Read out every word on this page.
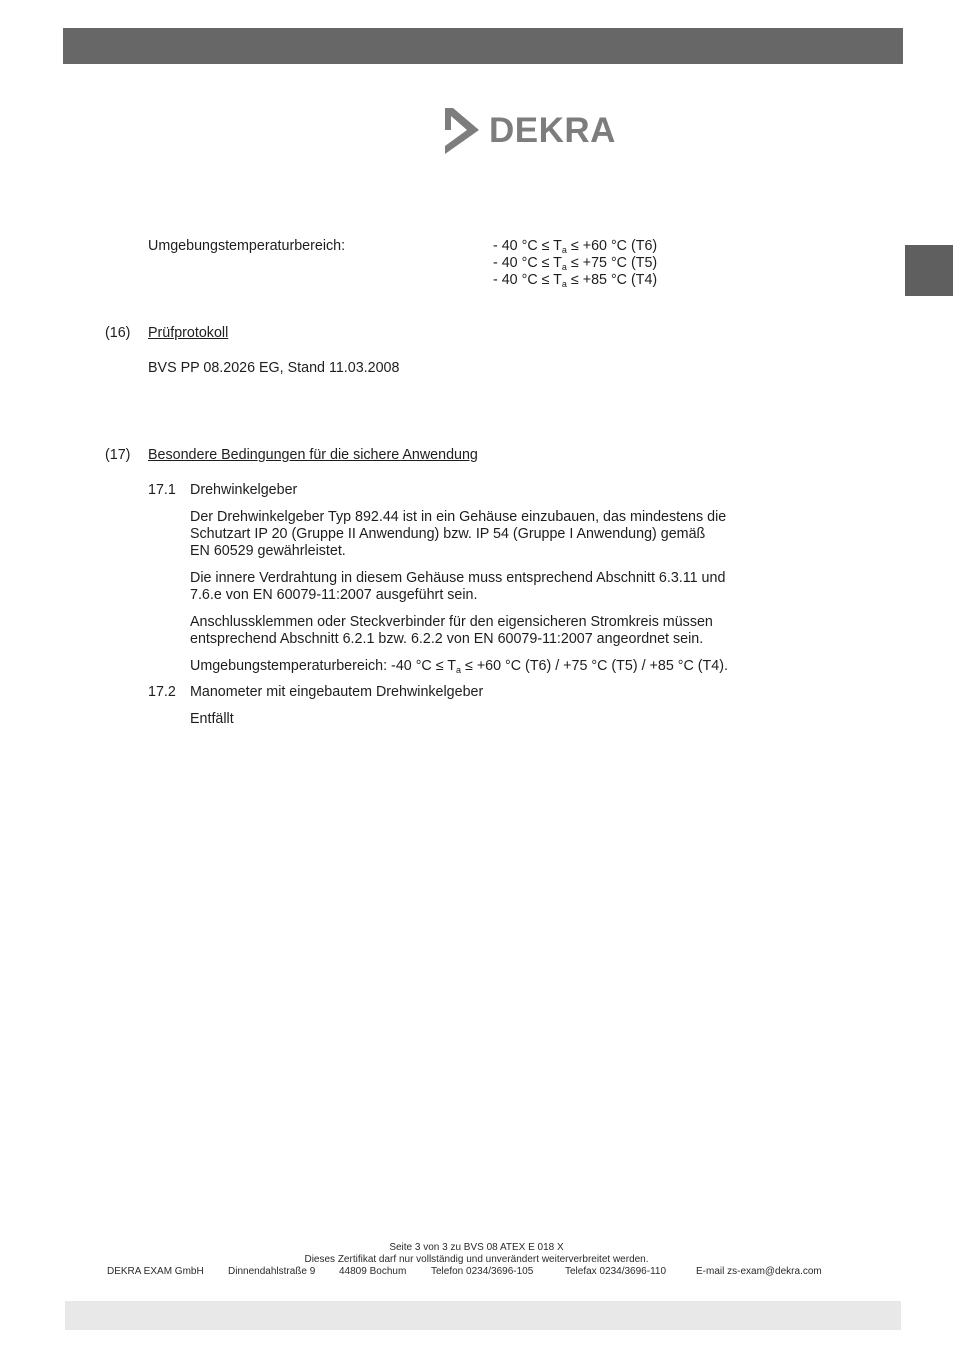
DEKRA
Umgebungstemperaturbereich:	- 40 $^\circ C \le T_a \le +60$ °C (T6)
- 40 $^\circ C \le T_a \le +75$ °C (T5)
- 40 $^\circ C \le T_a \le +85$ °C (T4)
(16) Prüfprotokoll
BVS PP 08.2026 EG, Stand 11.03.2008
(17) Besondere Bedingungen für die sichere Anwendung
17.1 Drehwinkelgeber
Der Drehwinkelgeber Typ 892.44 ist in ein Gehäuse einzubauen, das mindestens die
Schutzart IP 20 (Gruppe II Anwendung) bzw. IP 54 (Gruppe I Anwendung) gemäß
EN 60529 gewährleistet.
Die innere Verdrahtung in diesem Gehäuse muss entsprechend Abschnitt 6.3.11 und
7.6.e von EN 60079-11:2007 ausgeführt sein.
Anschlussklemmen oder Steckverbinder für den eigensicheren Stromkreis müssen
entsprechend Abschnitt 6.2.1 bzw. 6.2.2 von EN 60079-11:2007 angeordnet sein.
Umgebungstemperaturbereich: -40 $^\circ C \le T_a \le +60$ °C (T6) / +75 °C (T5) / +85 °C (T4).
17.2 Manometer mit eingebautem Drehwinkelgeber
Entfällt
Seite 3 von 3 zu BVS 08 ATEX E 018 X
Dieses Zertifikat darf nur vollständig und unverändert weiterverbreitet werden.
DEKRA EXAM GmbH Dinnendahlstraße 9 44809 Bochum Telefon 0234/3696-105	Telefax 0234/3696-110	E-mail zs-exam@dekra.com
